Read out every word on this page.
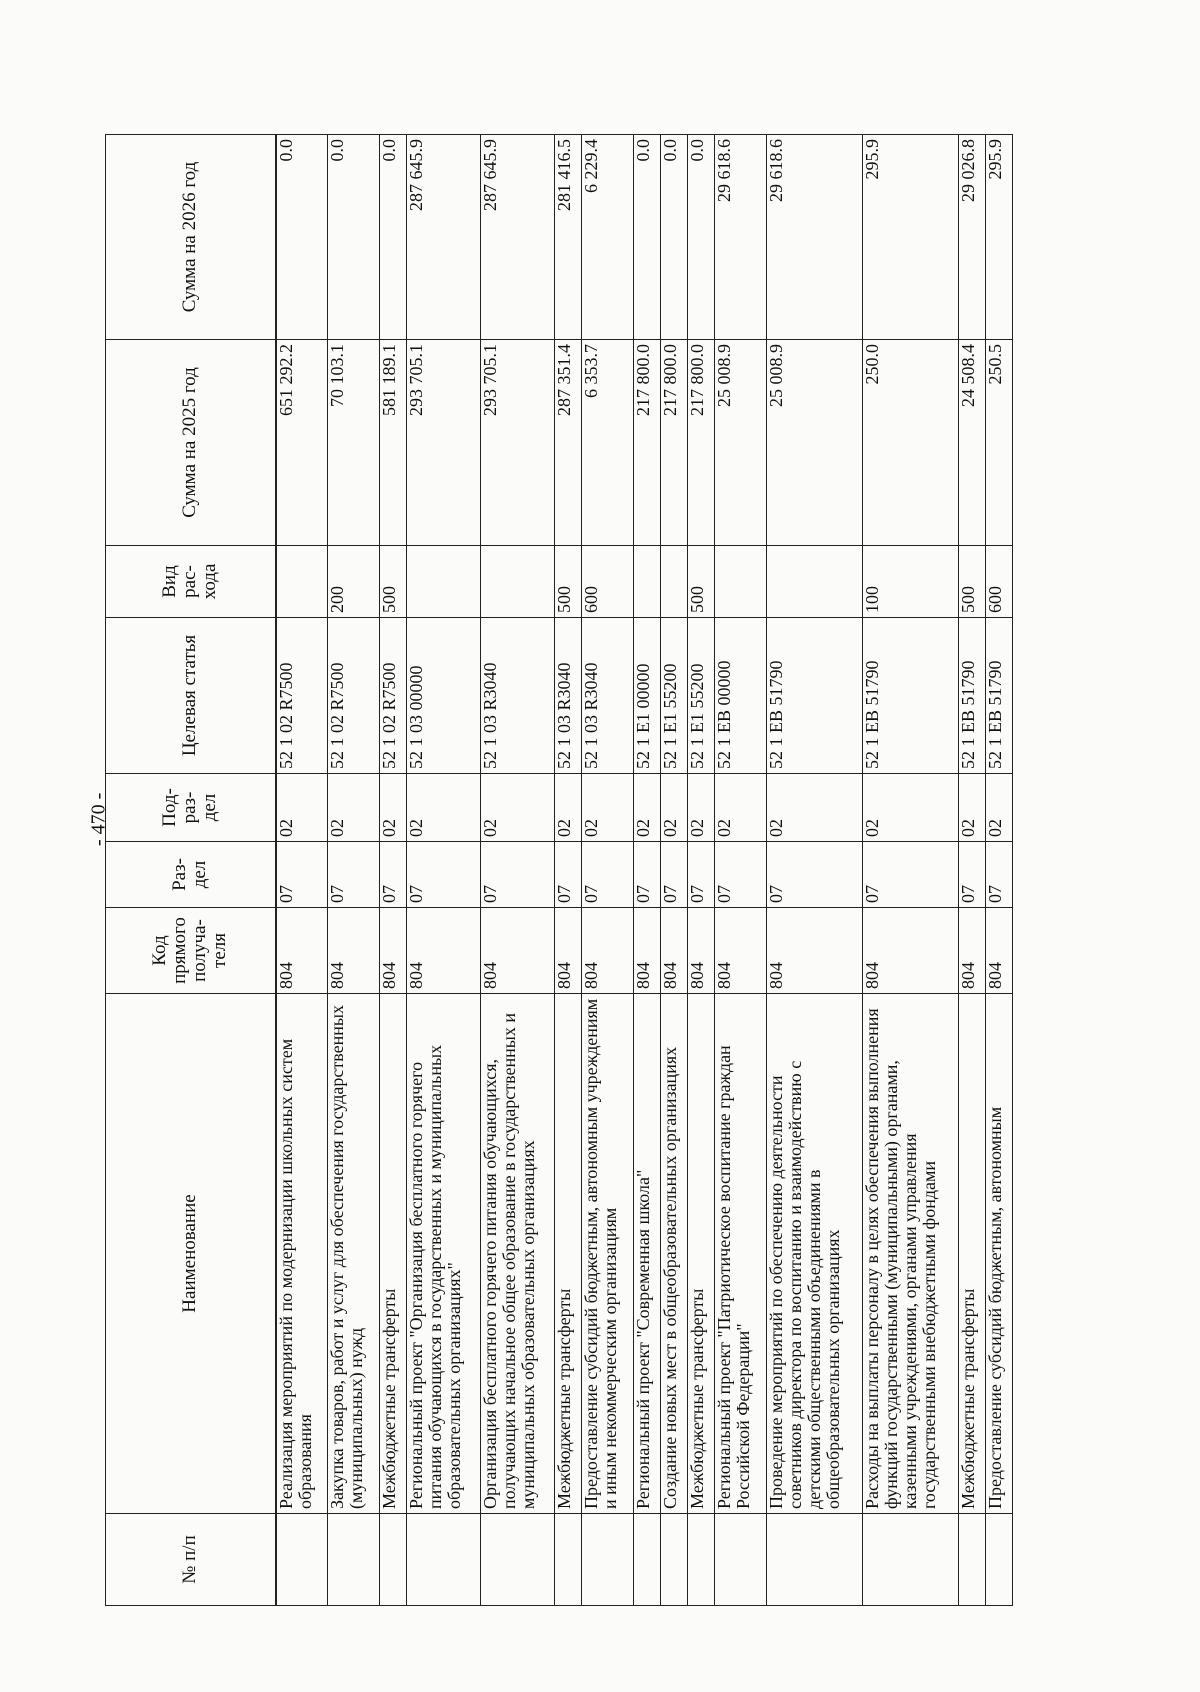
- 470 -
№ п/п	Наименование	Код прямого получа-теля	Раз-дел	Под-раз-дел	Целевая статья	Вид рас-хода	Сумма на 2025 год	Сумма на 2026 год
	Реализация мероприятий по модернизации школьных систем образования	804	07	02	52 1 02 R7500		651 292.2	0.0
	Закупка товаров, работ и услуг для обеспечения государственных (муниципальных) нужд	804	07	02	52 1 02 R7500	200	70 103.1	0.0
	Межбюджетные трансферты	804	07	02	52 1 02 R7500	500	581 189.1	0.0
	Региональный проект "Организация бесплатного горячего питания обучающихся в государственных и муниципальных образовательных организациях"	804	07	02	52 1 03 00000		293 705.1	287 645.9
	Организация бесплатного горячего питания обучающихся, получающих начальное общее образование в государственных и муниципальных образовательных организациях	804	07	02	52 1 03 R3040		293 705.1	287 645.9
	Межбюджетные трансферты	804	07	02	52 1 03 R3040	500	287 351.4	281 416.5
	Предоставление субсидий бюджетным, автономным учреждениям и иным некоммерческим организациям	804	07	02	52 1 03 R3040	600	6 353.7	6 229.4
	Региональный проект "Современная школа"	804	07	02	52 1 E1 00000		217 800.0	0.0
	Создание новых мест в общеобразовательных организациях	804	07	02	52 1 E1 55200		217 800.0	0.0
	Межбюджетные трансферты	804	07	02	52 1 E1 55200	500	217 800.0	0.0
	Региональный проект "Патриотическое воспитание граждан Российской Федерации"	804	07	02	52 1 EB 00000		25 008.9	29 618.6
	Проведение мероприятий по обеспечению деятельности советников директора по воспитанию и взаимодействию с детскими общественными объединениями в общеобразовательных организациях	804	07	02	52 1 EB 51790		25 008.9	29 618.6
	Расходы на выплаты персоналу в целях обеспечения выполнения функций государственными (муниципальными) органами, казенными учреждениями, органами управления государственными внебюджетными фондами	804	07	02	52 1 EB 51790	100	250.0	295.9
	Межбюджетные трансферты	804	07	02	52 1 EB 51790	500	24 508.4	29 026.8
	Предоставление субсидий бюджетным, автономным	804	07	02	52 1 EB 51790	600	250.5	295.9
